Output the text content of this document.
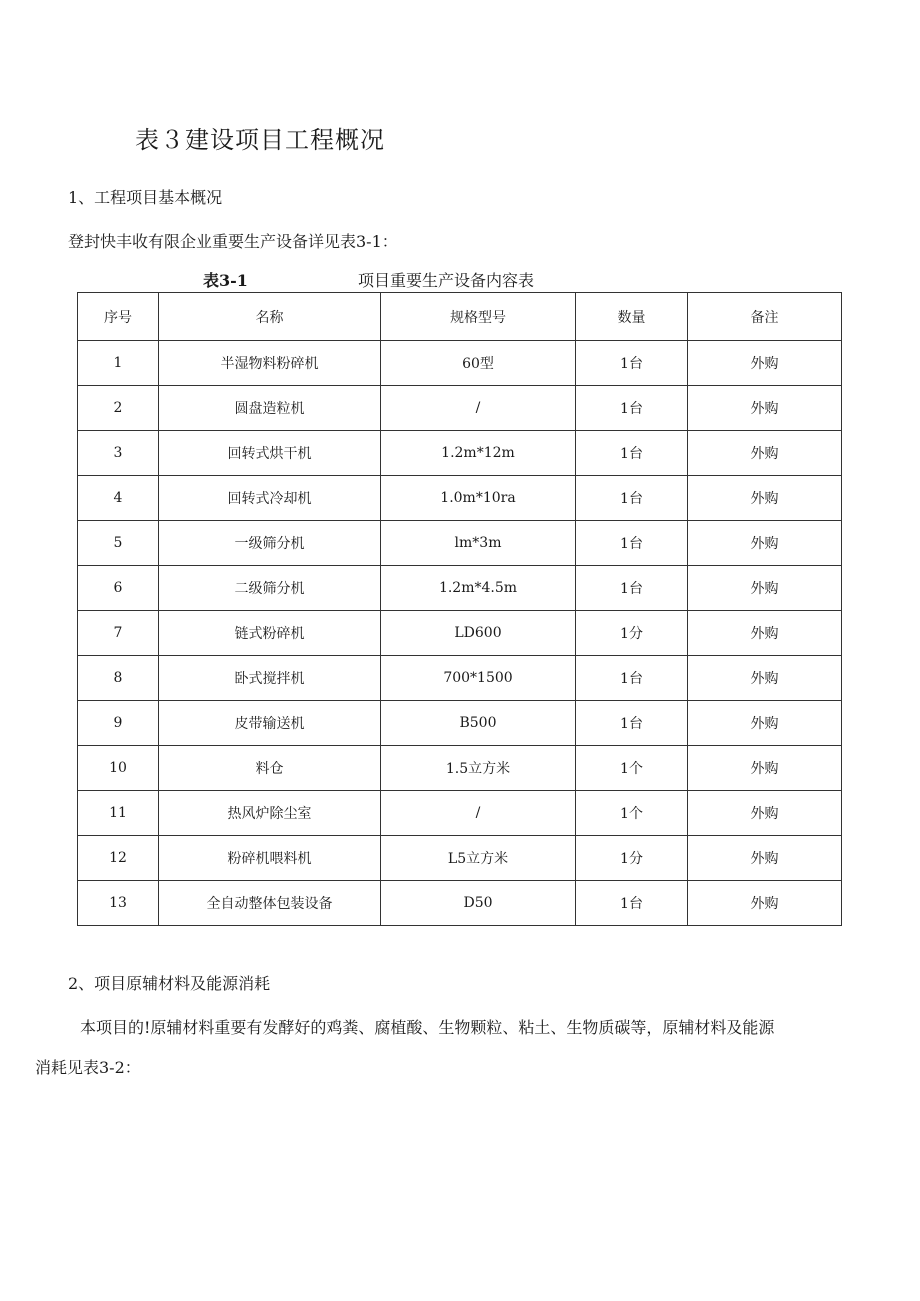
表３建设项目工程概况
1、工程项目基本概况
登封快丰收有限企业重要生产设备详见表3-1：
表3-1	项目重要生产设备内容表
序号	名称	规格型号	数量	备注
1	半湿物料粉碎机	60型	1台	外购
2	圆盘造粒机	/	1台	外购
3	回转式烘干机	1.2m*12m	1台	外购
4	回转式冷却机	1.0m*10ra	1台	外购
5	一级筛分机	lm*3m	1台	外购
6	二级筛分机	1.2m*4.5m	1台	外购
7	链式粉碎机	LD600	1分	外购
8	卧式搅拌机	700*1500	1台	外购
9	皮带输送机	B500	1台	外购
10	料仓	1.5立方米	1个	外购
11	热风炉除尘室	/	1个	外购
12	粉碎机喂料机	L5立方米	1分	外购
13	全自动整体包装设备	D50	1台	外购
2、项目原辅材料及能源消耗
本项目的!原辅材料重要有发酵好的鸡粪、腐植酸、生物颗粒、粘土、生物质碳等，原辅材料及能源
消耗见表3-2：
